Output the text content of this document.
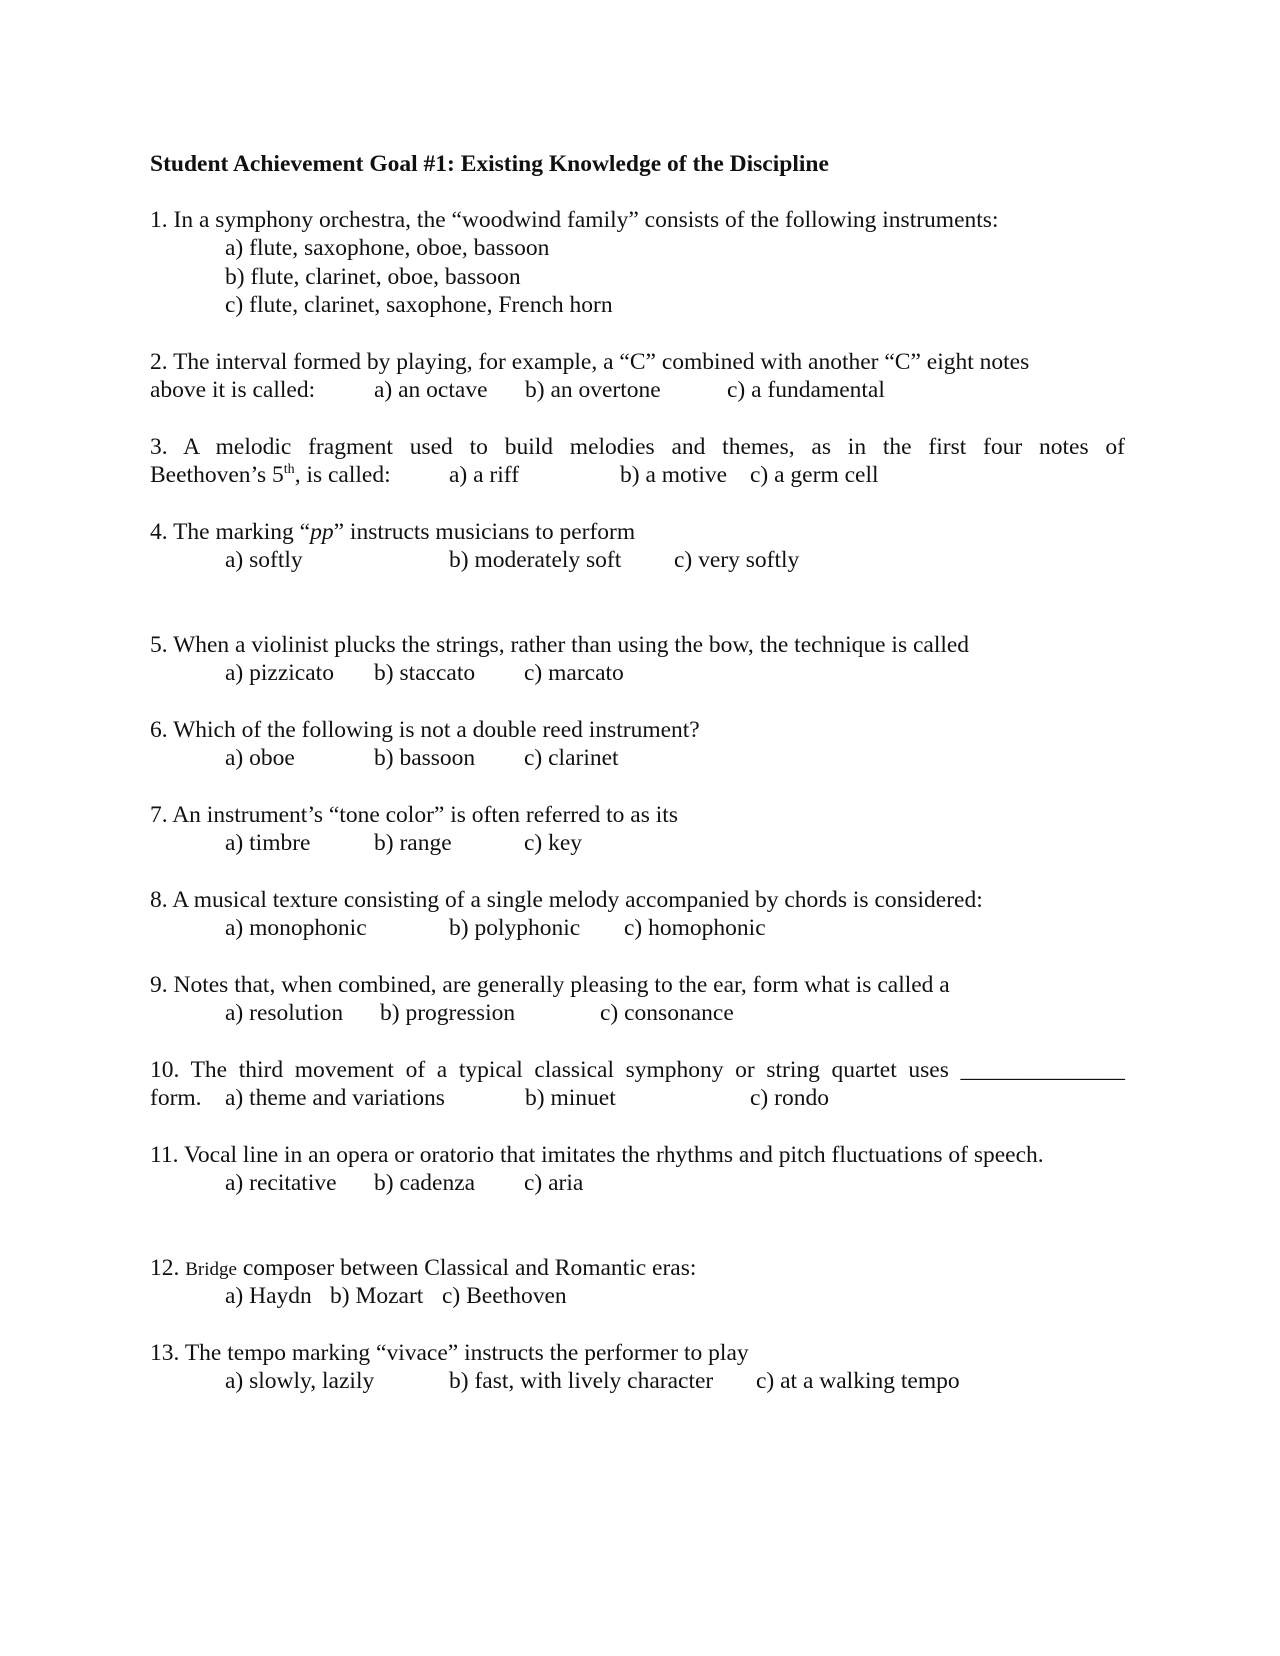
Student Achievement Goal #1: Existing Knowledge of the Discipline
1. In a symphony orchestra, the “woodwind family” consists of the following instruments:
a) flute, saxophone, oboe, bassoon
b) flute, clarinet, oboe, bassoon
c) flute, clarinet, saxophone, French horn
2. The interval formed by playing, for example, a “C” combined with another “C” eight notes
above it is called:	a) an octave b) an overtone	c) a fundamental
3. A melodic fragment used to build melodies and themes, as in the first four notes of
Beethoven’s 5th, is called: a) a riff	b) a motive c) a germ cell
4. The marking “pp” instructs musicians to perform
a) softly	b) moderately soft c) very softly
5. When a violinist plucks the strings, rather than using the bow, the technique is called
a) pizzicato b) staccato c) marcato
6. Which of the following is not a double reed instrument?
a) oboe	b) bassoon c) clarinet
7. An instrument’s “tone color” is often referred to as its
a) timbre	b) range	c) key
8. A musical texture consisting of a single melody accompanied by chords is considered:
a) monophonic	b) polyphonic c) homophonic
9. Notes that, when combined, are generally pleasing to the ear, form what is called a
a) resolution b) progression	c) consonance
10. The third movement of a typical classical symphony or string quartet uses ______________
form. a) theme and variations	b) minuet	c) rondo
11. Vocal line in an opera or oratorio that imitates the rhythms and pitch fluctuations of speech.
a) recitative b) cadenza c) aria
12. Bridge composer between Classical and Romantic eras:
a) Haydn b) Mozart c) Beethoven
13. The tempo marking “vivace” instructs the performer to play
a) slowly, lazily	b) fast, with lively character c) at a walking tempo
